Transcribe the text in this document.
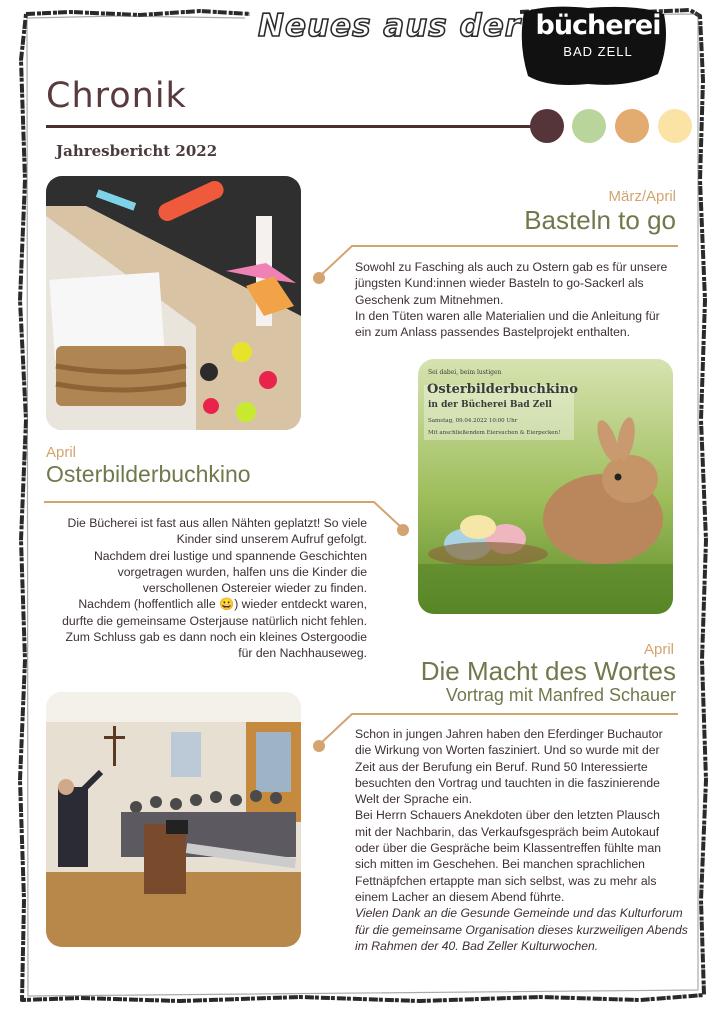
Neues aus der bücherei
BAD ZELL
Chronik
Jahresbericht 2022
März/April
Basteln to go
Sowohl zu Fasching als auch zu Ostern gab es für unsere
jüngsten Kund:innen wieder Basteln to go-Sackerl als
Geschenk zum Mitnehmen.
In den Tüten waren alle Materialien und die Anleitung für
ein zum Anlass passendes Bastelprojekt enthalten.
Sei dabei, beim lustigen
Osterbilderbuchkino
in der Bücherei Bad Zell
Samstag, 09.04.2022 10:00 Uhr
Mit anschließendem Eiersuchen & Eierpecken!
April
Osterbilderbuchkino
Die Bücherei ist fast aus allen Nähten geplatzt! So viele
Kinder sind unserem Aufruf gefolgt.
Nachdem drei lustige und spannende Geschichten
vorgetragen wurden, halfen uns die Kinder die
verschollenen Ostereier wieder zu finden.
Nachdem (hoffentlich alle 😀) wieder entdeckt waren,
durfte die gemeinsame Osterjause natürlich nicht fehlen.
Zum Schluss gab es dann noch ein kleines Ostergoodie
für den Nachhauseweg.	April
Die Macht des Wortes
Vortrag mit Manfred Schauer
Schon in jungen Jahren haben den Eferdinger Buchautor
die Wirkung von Worten fasziniert. Und so wurde mit der
Zeit aus der Berufung ein Beruf. Rund 50 Interessierte
besuchten den Vortrag und tauchten in die faszinierende
Welt der Sprache ein.
Bei Herrn Schauers Anekdoten über den letzten Plausch
mit der Nachbarin, das Verkaufsgespräch beim Autokauf
oder über die Gespräche beim Klassentreffen fühlte man
sich mitten im Geschehen. Bei manchen sprachlichen
Fettnäpfchen ertappte man sich selbst, was zu mehr als
einem Lacher an diesem Abend führte.
Vielen Dank an die Gesunde Gemeinde und das Kulturforum
für die gemeinsame Organisation dieses kurzweiligen Abends
im Rahmen der 40. Bad Zeller Kulturwochen.
